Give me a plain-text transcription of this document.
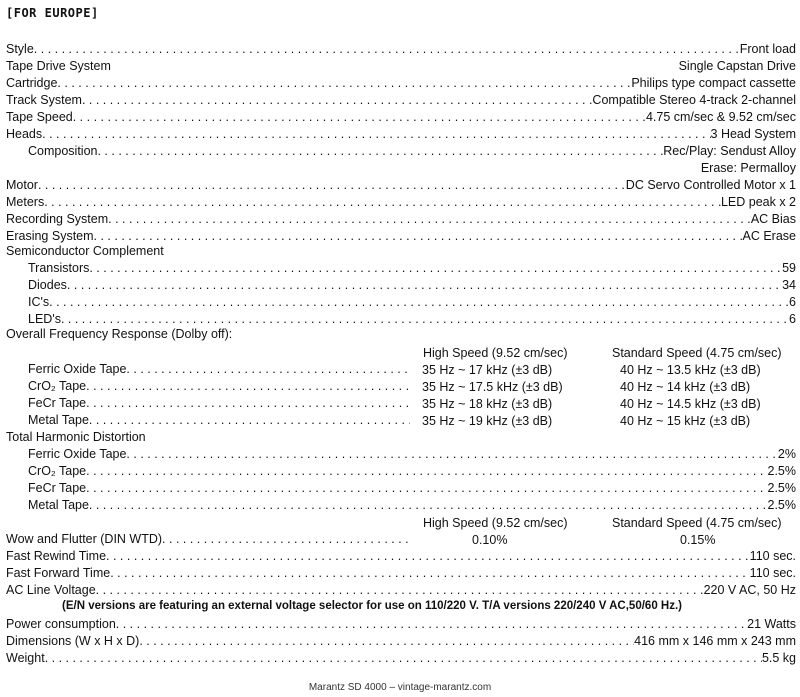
[FOR EUROPE]
Style . . .	Front load
Tape Drive System	Single Capstan Drive
Cartridge . . .	Philips type compact cassette
Track System . . .	Compatible Stereo 4-track 2-channel
Tape Speed . . .	4.75 cm/sec & 9.52 cm/sec
Heads . . .	3 Head System
Composition . . .	Rec/Play: Sendust Alloy
Erase: Permalloy
Motor . . .	DC Servo Controlled Motor x 1
Meters . . .	LED peak x 2
Recording System . . .	AC Bias
Erasing System . . .	AC Erase
Semiconductor Complement
Transistors . . .	59
Diodes . . .	34
IC's . . .	6
LED's . . .	6
Overall Frequency Response (Dolby off):
High Speed (9.52 cm/sec)	Standard Speed (4.75 cm/sec)
Ferric Oxide Tape . . .	35 Hz ~ 17 kHz (±3 dB)	40 Hz ~ 13.5 kHz (±3 dB)
CrO₂ Tape . . .	35 Hz ~ 17.5 kHz (±3 dB)	40 Hz ~ 14 kHz (±3 dB)
FeCr Tape . . .	35 Hz ~ 18 kHz (±3 dB)	40 Hz ~ 14.5 kHz (±3 dB)
Metal Tape . . .	35 Hz ~ 19 kHz (±3 dB)	40 Hz ~ 15 kHz (±3 dB)
Total Harmonic Distortion
Ferric Oxide Tape . . .	2%
CrO₂ Tape . . .	2.5%
FeCr Tape . . .	2.5%
Metal Tape . . .	2.5%
High Speed (9.52 cm/sec)	Standard Speed (4.75 cm/sec)
Wow and Flutter (DIN WTD) . . .	0.10%	0.15%
Fast Rewind Time . . .	110 sec.
Fast Forward Time . . .	110 sec.
AC Line Voltage . . .	220 V AC, 50 Hz
(E/N versions are featuring an external voltage selector for use on 110/220 V. T/A versions 220/240 V AC,50/60 Hz.)
Power consumption . . .	21 Watts
Dimensions (W x H x D) . . .	416 mm x 146 mm x 243 mm
Weight . . .	5.5 kg
Marantz SD 4000 – vintage-marantz.com
